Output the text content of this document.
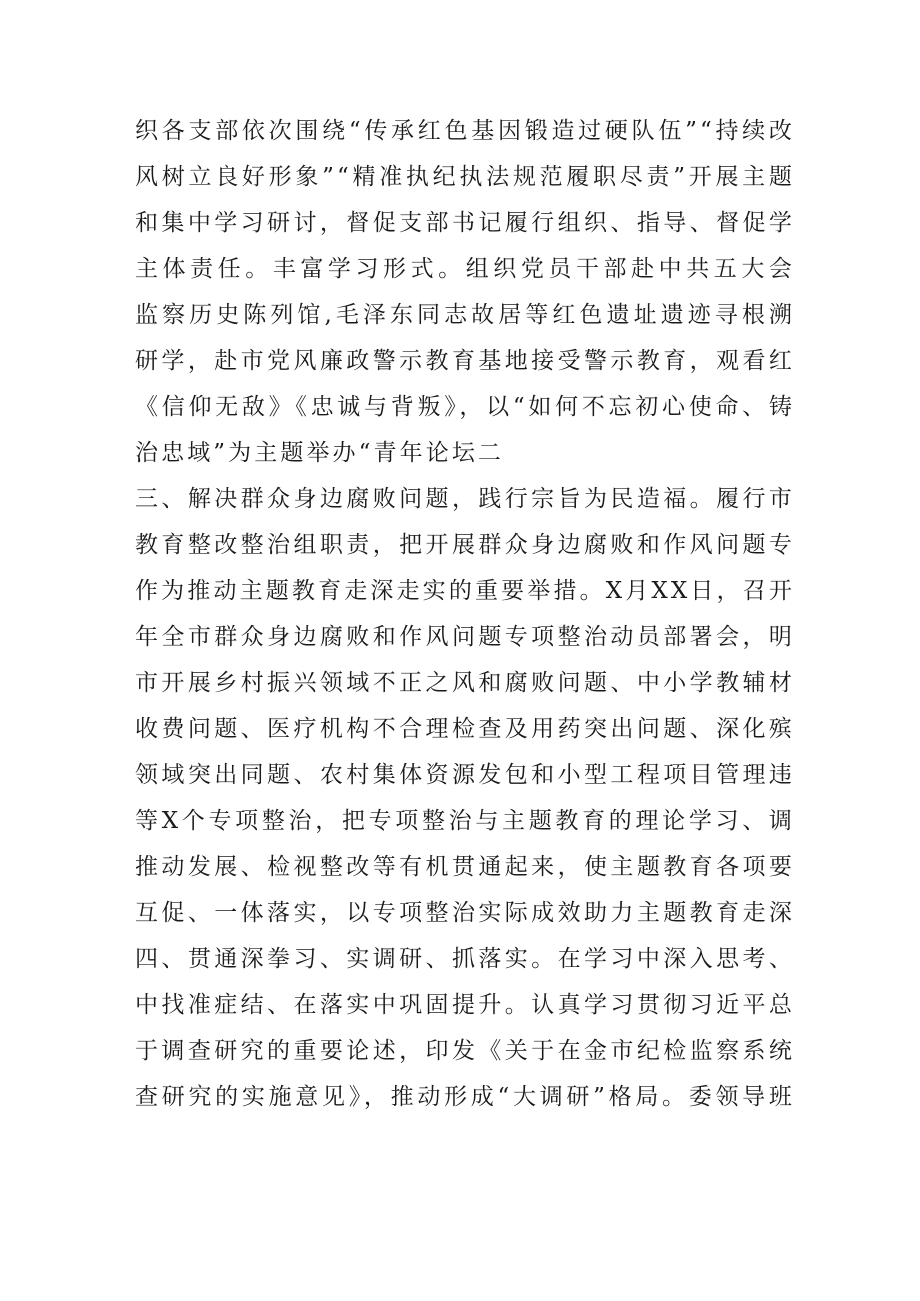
织各支部依次围绕“传承红色基因锻造过硬队伍”“持续改
风树立良好形象”“精准执纪执法规范履职尽责”开展主题
和集中学习研讨，督促支部书记履行组织、指导、督促学
主体责任。丰富学习形式。组织党员干部赴中共五大会
监察历史陈列馆,毛泽东同志故居等红色遗址遗迹寻根溯
研学，赴市党风廉政警示教育基地接受警示教育，观看红
《信仰无敌》《忠诚与背叛》，以“如何不忘初心使命、铸
治忠域”为主题举办“青年论坛二
三、解决群众身边腐败问题，践行宗旨为民造福。履行市
教育整改整治组职责，把开展群众身边腐败和作风问题专
作为推动主题教育走深走实的重要举措。X月XX日，召开
年全市群众身边腐败和作风问题专项整治动员部署会，明
市开展乡村振兴领域不正之风和腐败问题、中小学教辅材
收费问题、医疗机构不合理检查及用药突出问题、深化殡
领域突出同题、农村集体资源发包和小型工程项目管理违
等X个专项整治，把专项整治与主题教育的理论学习、调
推动发展、检视整改等有机贯通起来，使主题教育各项要
互促、一体落实，以专项整治实际成效助力主题教育走深
四、贯通深拳习、实调研、抓落实。在学习中深入思考、
中找准症结、在落实中巩固提升。认真学习贯彻习近平总
于调查研究的重要论述，印发《关于在金市纪检监察系统
查研究的实施意见》，推动形成“大调研”格局。委领导班
